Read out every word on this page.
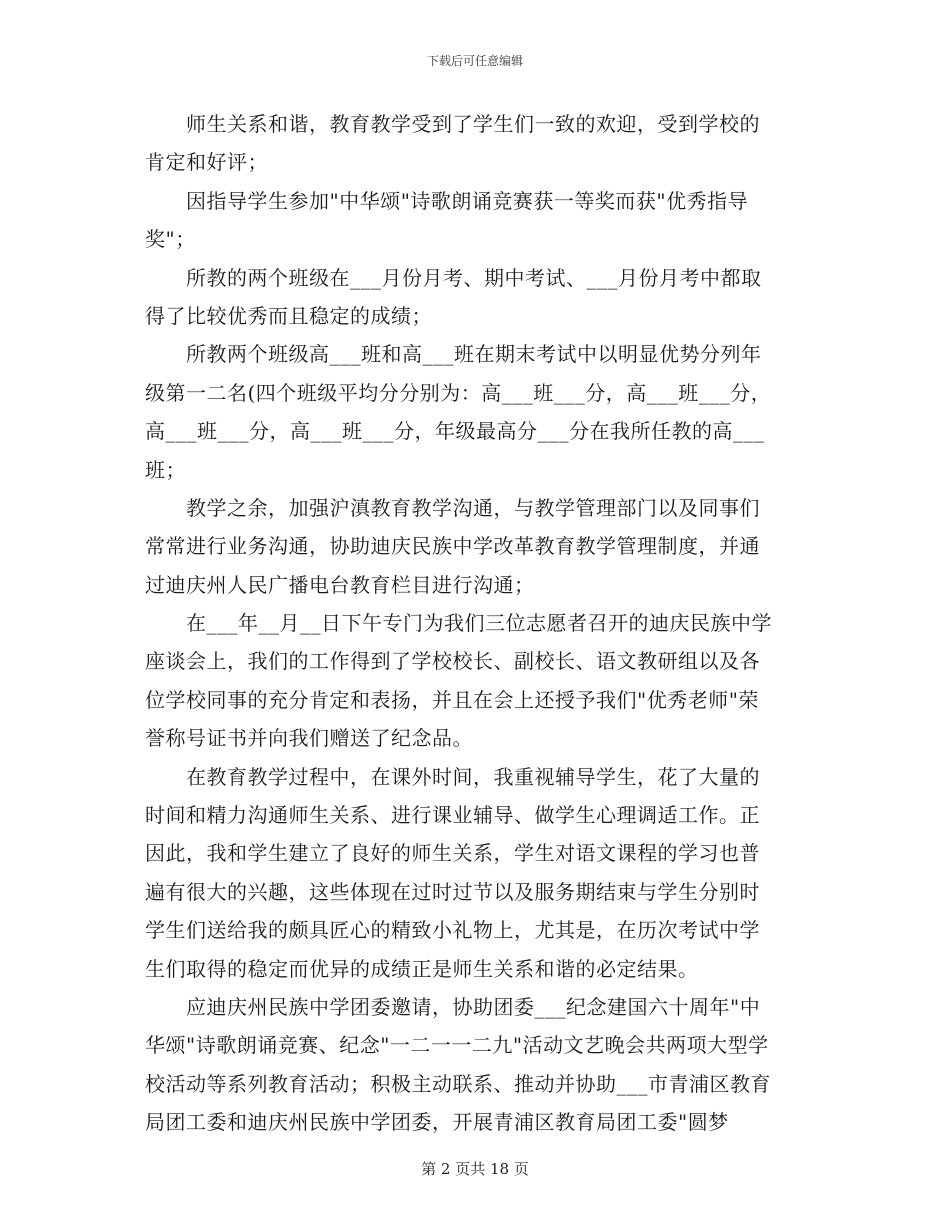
下载后可任意编辑
师生关系和谐，教育教学受到了学生们一致的欢迎，受到学校的
肯定和好评；
因指导学生参加"中华颂"诗歌朗诵竞赛获一等奖而获"优秀指导
奖"；
所教的两个班级在___月份月考、期中考试、___月份月考中都取
得了比较优秀而且稳定的成绩；
所教两个班级高___班和高___班在期末考试中以明显优势分列年
级第一二名(四个班级平均分分别为：高___班___分，高___班___分，
高___班___分，高___班___分，年级最高分___分在我所任教的高___
班；
教学之余，加强沪滇教育教学沟通，与教学管理部门以及同事们
常常进行业务沟通，协助迪庆民族中学改革教育教学管理制度，并通
过迪庆州人民广播电台教育栏目进行沟通；
在___年__月__日下午专门为我们三位志愿者召开的迪庆民族中学
座谈会上，我们的工作得到了学校校长、副校长、语文教研组以及各
位学校同事的充分肯定和表扬，并且在会上还授予我们"优秀老师"荣
誉称号证书并向我们赠送了纪念品。
在教育教学过程中，在课外时间，我重视辅导学生，花了大量的
时间和精力沟通师生关系、进行课业辅导、做学生心理调适工作。正
因此，我和学生建立了良好的师生关系，学生对语文课程的学习也普
遍有很大的兴趣，这些体现在过时过节以及服务期结束与学生分别时
学生们送给我的颇具匠心的精致小礼物上，尤其是，在历次考试中学
生们取得的稳定而优异的成绩正是师生关系和谐的必定结果。
应迪庆州民族中学团委邀请，协助团委___纪念建国六十周年"中
华颂"诗歌朗诵竞赛、纪念"一二一一二九"活动文艺晚会共两项大型学
校活动等系列教育活动；积极主动联系、推动并协助___市青浦区教育
局团工委和迪庆州民族中学团委，开展青浦区教育局团工委"圆梦
第 2 页共 18 页
